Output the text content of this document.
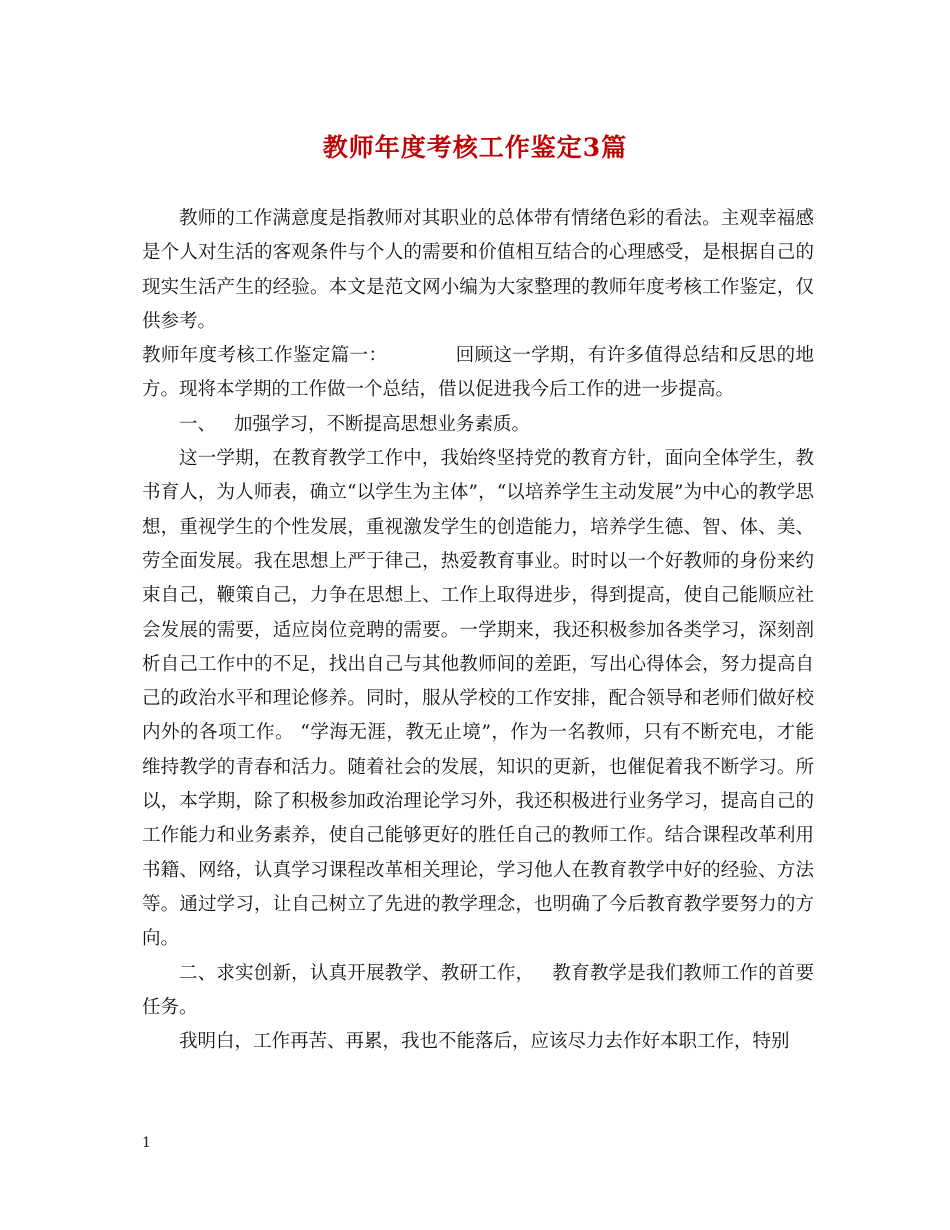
教师年度考核工作鉴定3篇

教师的工作满意度是指教师对其职业的总体带有情绪色彩的看法。主观幸福感是个人对生活的客观条件与个人的需要和价值相互结合的心理感受，是根据自己的现实生活产生的经验。本文是范文网小编为大家整理的教师年度考核工作鉴定，仅供参考。

教师年度考核工作鉴定篇一：	回顾这一学期，有许多值得总结和反思的地方。现将本学期的工作做一个总结，借以促进我今后工作的进一步提高。

一、 加强学习，不断提高思想业务素质。

这一学期，在教育教学工作中，我始终坚持党的教育方针，面向全体学生，教书育人，为人师表，确立“以学生为主体”，“以培养学生主动发展”为中心的教学思想，重视学生的个性发展，重视激发学生的创造能力，培养学生德、智、体、美、劳全面发展。我在思想上严于律己，热爱教育事业。时时以一个好教师的身份来约束自己，鞭策自己，力争在思想上、工作上取得进步，得到提高，使自己能顺应社会发展的需要，适应岗位竞聘的需要。一学期来，我还积极参加各类学习，深刻剖析自己工作中的不足，找出自己与其他教师间的差距，写出心得体会，努力提高自己的政治水平和理论修养。同时，服从学校的工作安排，配合领导和老师们做好校内外的各项工作。 “学海无涯，教无止境”，作为一名教师，只有不断充电，才能维持教学的青春和活力。随着社会的发展，知识的更新，也催促着我不断学习。所以，本学期，除了积极参加政治理论学习外，我还积极进行业务学习，提高自己的工作能力和业务素养，使自己能够更好的胜任自己的教师工作。结合课程改革利用书籍、网络，认真学习课程改革相关理论，学习他人在教育教学中好的经验、方法等。通过学习，让自己树立了先进的教学理念，也明确了今后教育教学要努力的方向。

二、求实创新，认真开展教学、教研工作， 教育教学是我们教师工作的首要任务。

我明白，工作再苦、再累，我也不能落后，应该尽力去作好本职工作，特别

1
